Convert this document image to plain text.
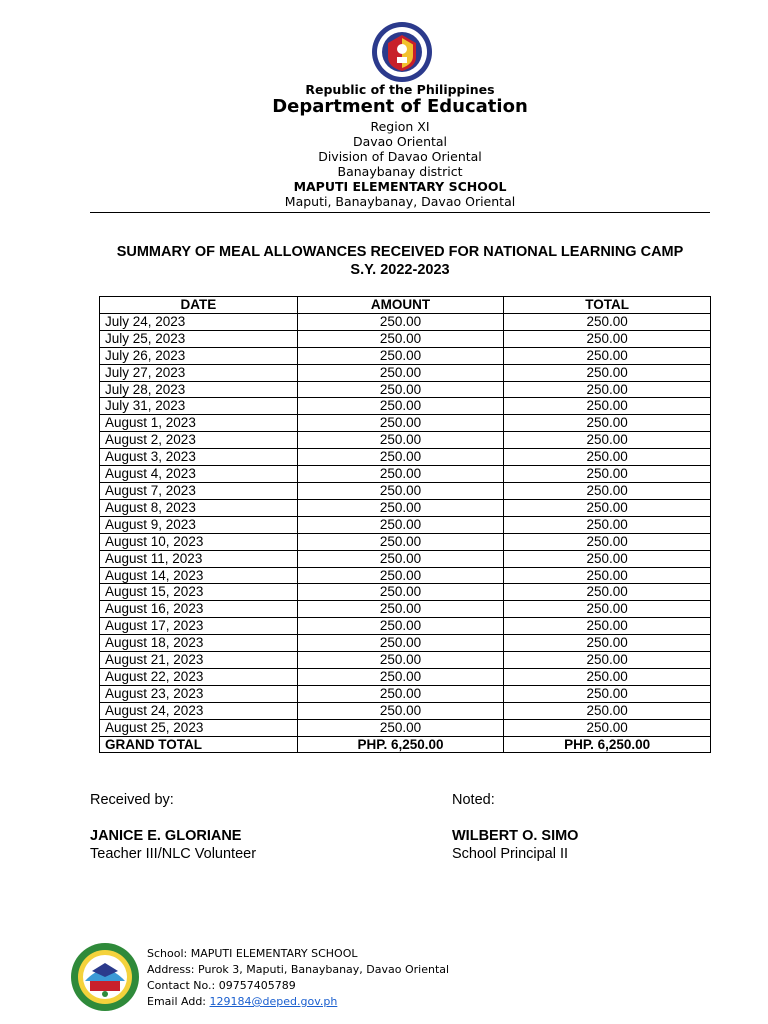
Republic of the Philippines
Department of Education
Region XI
Davao Oriental
Division of Davao Oriental
Banaybanay district
MAPUTI ELEMENTARY SCHOOL
Maputi, Banaybanay, Davao Oriental
SUMMARY OF MEAL ALLOWANCES RECEIVED FOR NATIONAL LEARNING CAMP
S.Y. 2022-2023
DATE	AMOUNT	TOTAL
July 24, 2023	250.00	250.00
July 25, 2023	250.00	250.00
July 26, 2023	250.00	250.00
July 27, 2023	250.00	250.00
July 28, 2023	250.00	250.00
July 31, 2023	250.00	250.00
August 1, 2023	250.00	250.00
August 2, 2023	250.00	250.00
August 3, 2023	250.00	250.00
August 4, 2023	250.00	250.00
August 7, 2023	250.00	250.00
August 8, 2023	250.00	250.00
August 9, 2023	250.00	250.00
August 10, 2023	250.00	250.00
August 11, 2023	250.00	250.00
August 14, 2023	250.00	250.00
August 15, 2023	250.00	250.00
August 16, 2023	250.00	250.00
August 17, 2023	250.00	250.00
August 18, 2023	250.00	250.00
August 21, 2023	250.00	250.00
August 22, 2023	250.00	250.00
August 23, 2023	250.00	250.00
August 24, 2023	250.00	250.00
August 25, 2023	250.00	250.00
GRAND TOTAL	PHP. 6,250.00	PHP. 6,250.00
Received by:
JANICE E. GLORIANE
Teacher III/NLC Volunteer
Noted:
WILBERT O. SIMO
School Principal II
School: MAPUTI ELEMENTARY SCHOOL
Address: Purok 3, Maputi, Banaybanay, Davao Oriental
Contact No.: 09757405789
Email Add: 129184@deped.gov.ph
